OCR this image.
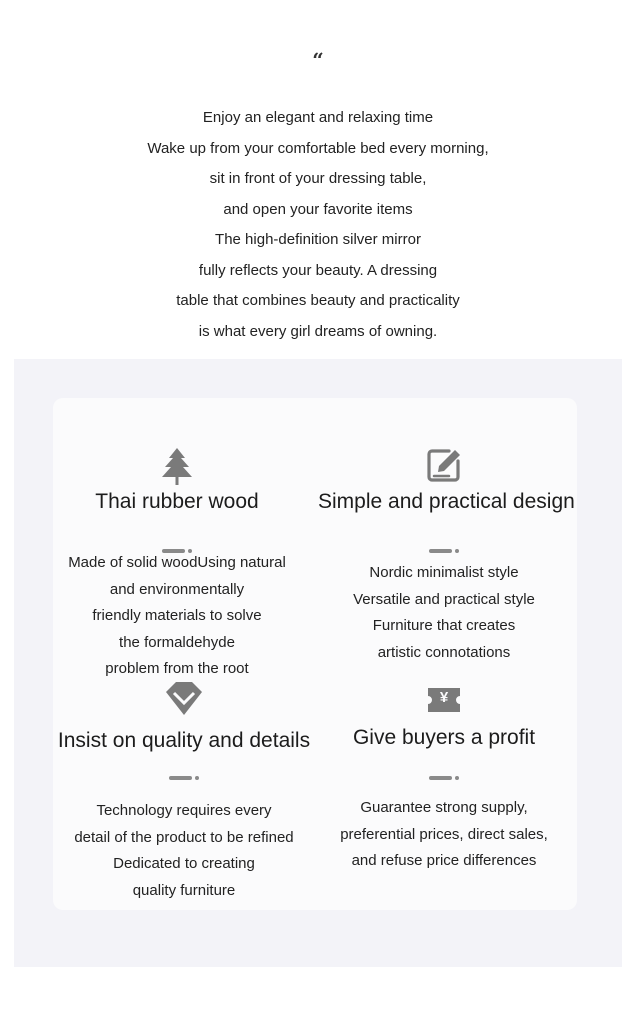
“
Enjoy an elegant and relaxing time
Wake up from your comfortable bed every morning,
sit in front of your dressing table,
and open your favorite items
The high-definition silver mirror
fully reflects your beauty. A dressing
table that combines beauty and practicality
is what every girl dreams of owning.
Thai rubber wood
Made of solid woodUsing natural
and environmentally
friendly materials to solve
the formaldehyde
problem from the root
Simple and practical design
Nordic minimalist style
Versatile and practical style
Furniture that creates
artistic connotations
Insist on quality and details
Technology requires every
detail of the product to be refined
Dedicated to creating
quality furniture
¥
Give buyers a profit
Guarantee strong supply,
preferential prices, direct sales,
and refuse price differences
